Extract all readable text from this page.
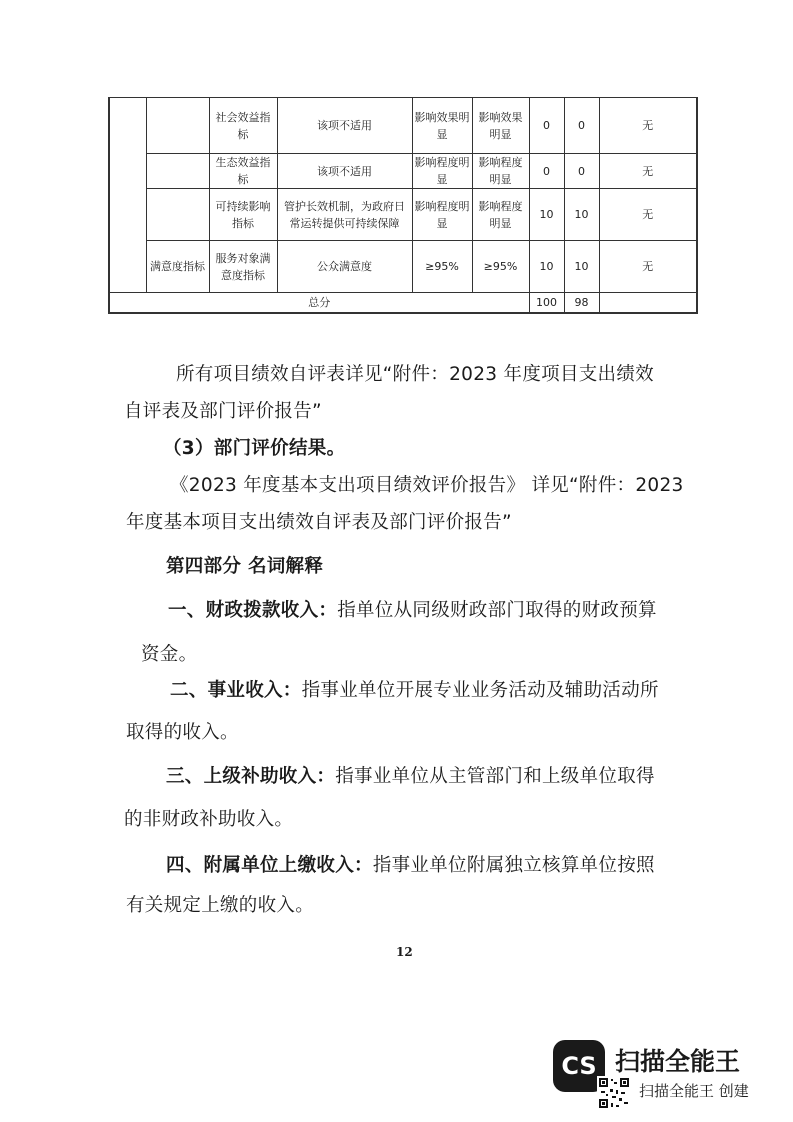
		社会效益指标	该项不适用	影响效果明显	影响效果明显	0	0	无
		生态效益指标	该项不适用	影响程度明显	影响程度明显	0	0	无
		可持续影响指标	管护长效机制，为政府日常运转提供可持续保障	影响程度明显	影响程度明显	10	10	无
	满意度指标	服务对象满意度指标	公众满意度	≥95%	≥95%	10	10	无
总分						100	98	
所有项目绩效自评表详见“附件：2023 年度项目支出绩效
自评表及部门评价报告”
（3）部门评价结果。
《2023 年度基本支出项目绩效评价报告》 详见“附件：2023
年度基本项目支出绩效自评表及部门评价报告”
第四部分 名词解释
一、财政拨款收入：指单位从同级财政部门取得的财政预算
资金。
二、事业收入：指事业单位开展专业业务活动及辅助活动所
取得的收入。
三、上级补助收入：指事业单位从主管部门和上级单位取得
的非财政补助收入。
四、附属单位上缴收入：指事业单位附属独立核算单位按照
有关规定上缴的收入。
12
CS 扫描全能王
扫描全能王 创建
